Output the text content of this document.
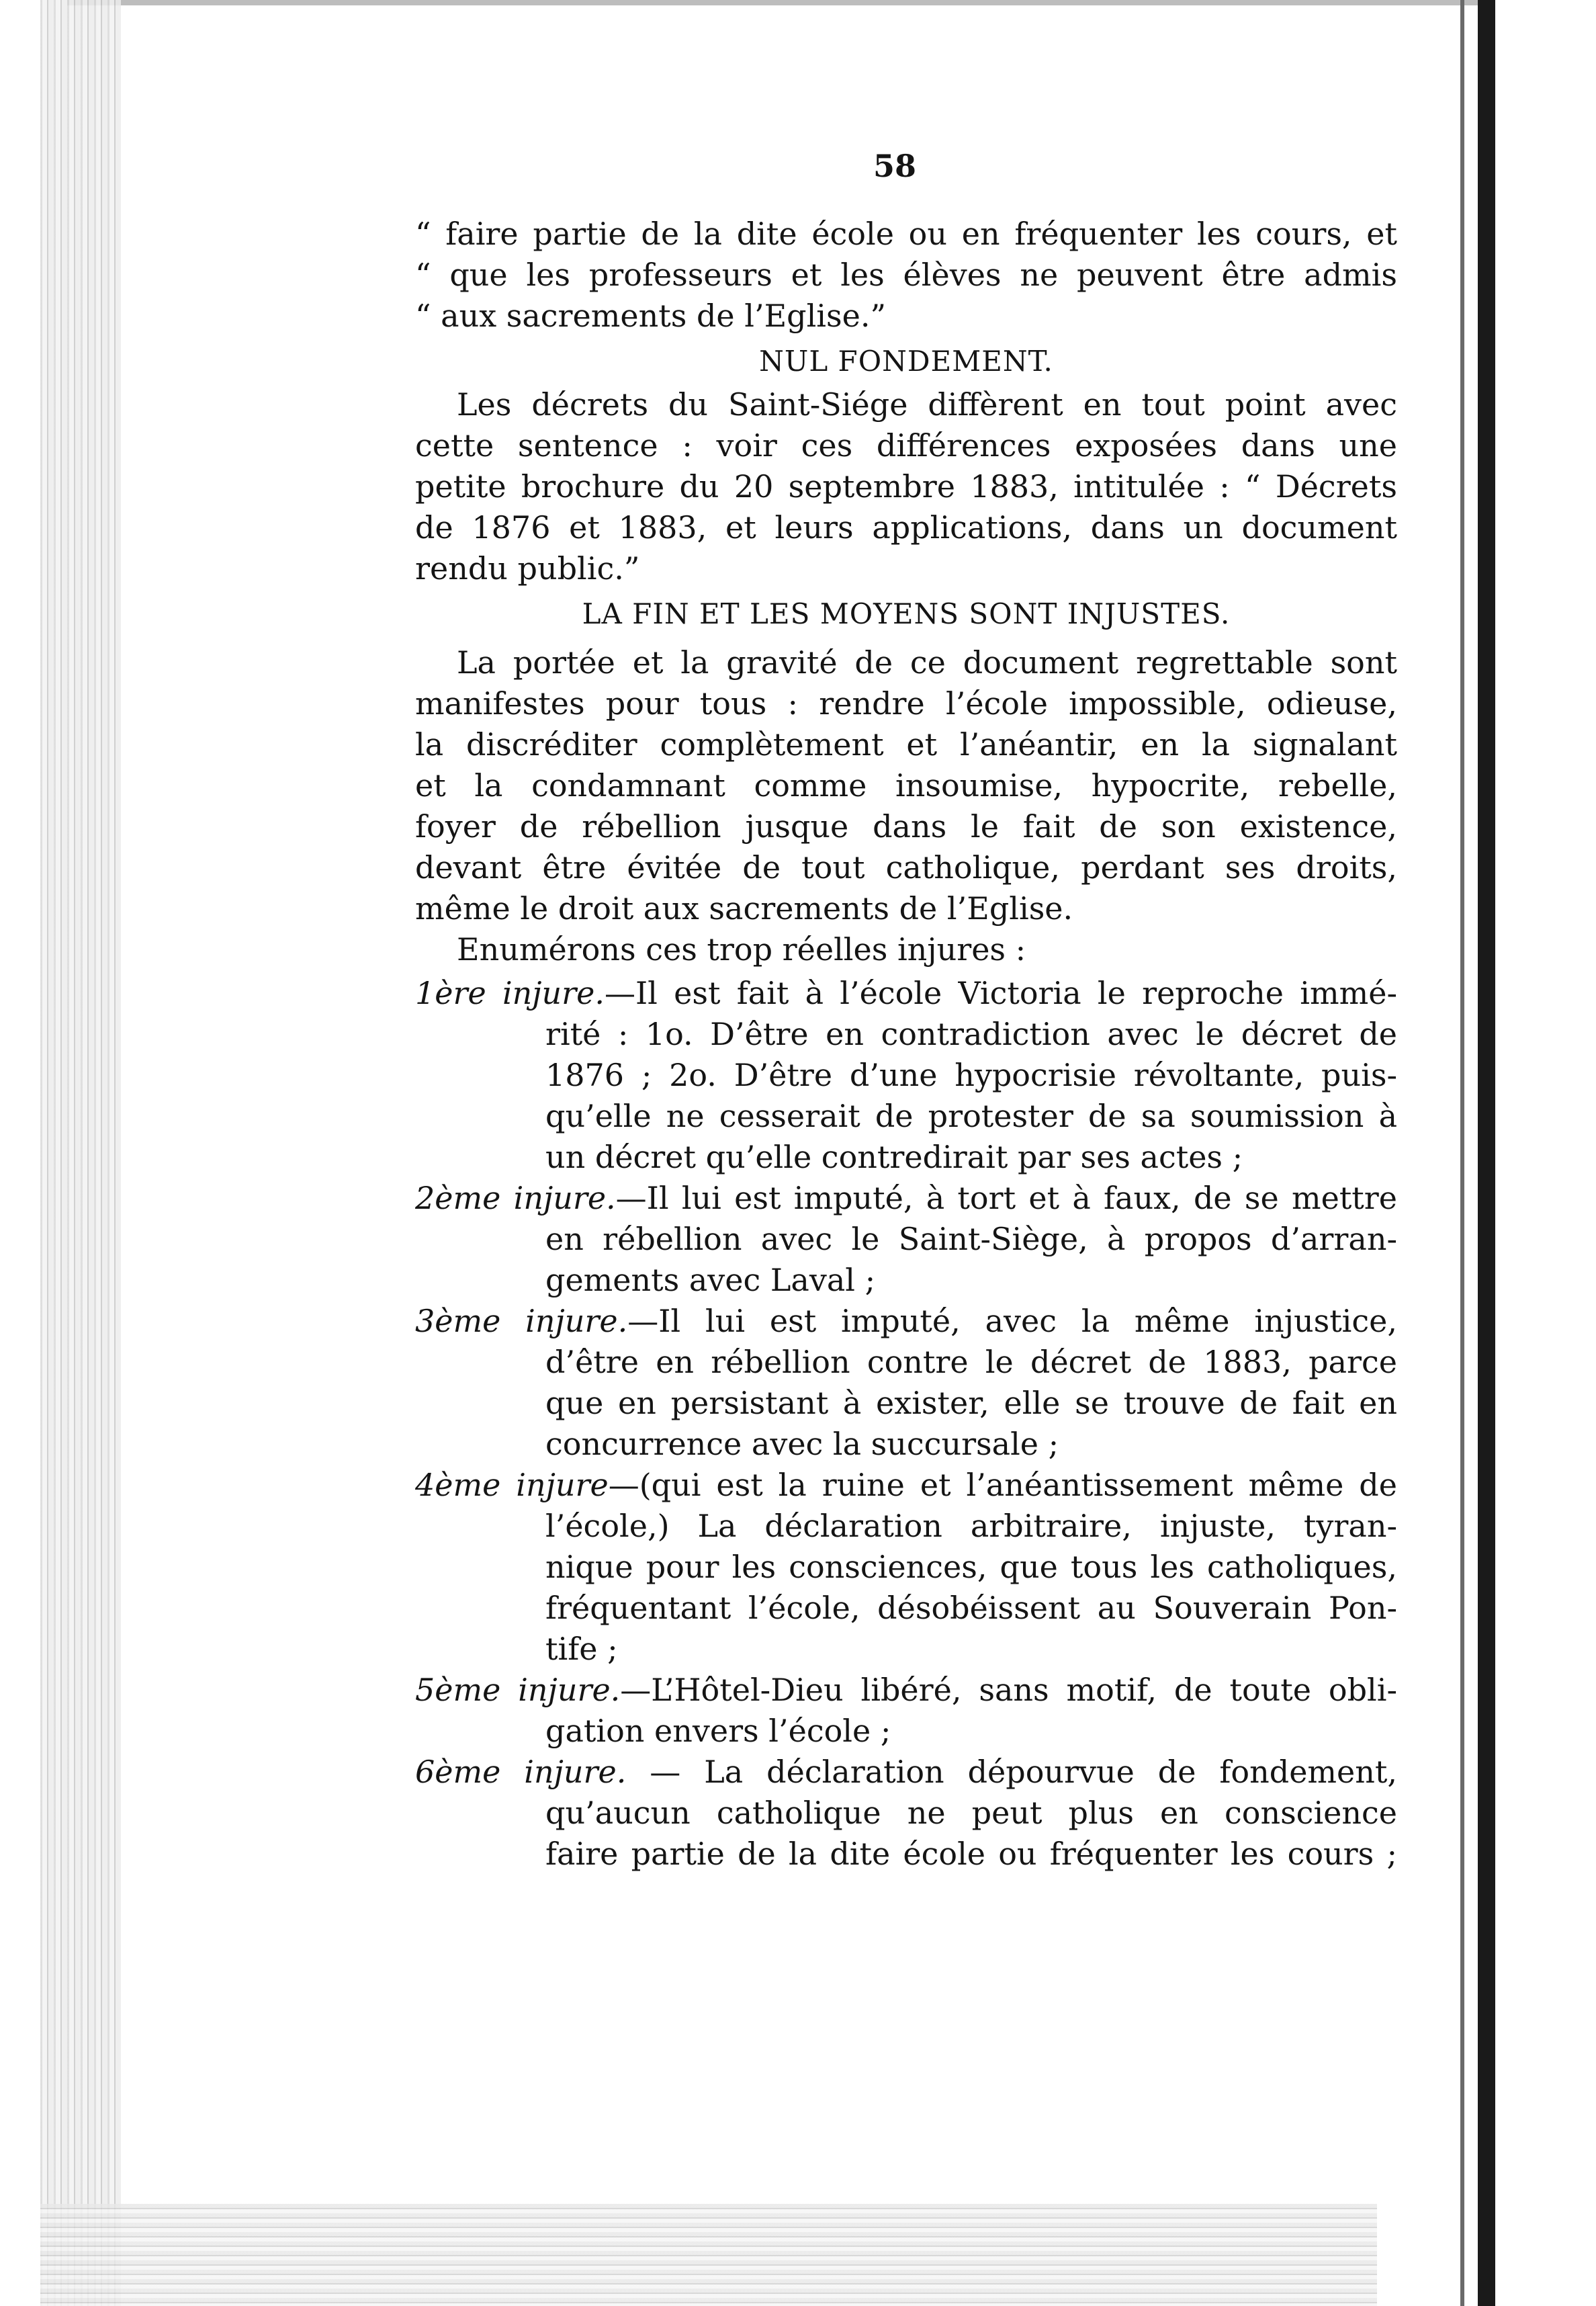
58
“ faire partie de la dite école ou en fréquenter les cours, et
“ que les professeurs et les élèves ne peuvent être admis
“ aux sacrements de l’Eglise.”
NUL FONDEMENT.
Les décrets du Saint-Siége diffèrent en tout point avec
cette sentence : voir ces différences exposées dans une
petite brochure du 20 septembre 1883, intitulée : “ Décrets
de 1876 et 1883, et leurs applications, dans un document
rendu public.”
LA FIN ET LES MOYENS SONT INJUSTES.
La portée et la gravité de ce document regrettable sont
manifestes pour tous : rendre l’école impossible, odieuse,
la discréditer complètement et l’anéantir, en la signalant
et la condamnant comme insoumise, hypocrite, rebelle,
foyer de rébellion jusque dans le fait de son existence,
devant être évitée de tout catholique, perdant ses droits,
même le droit aux sacrements de l’Eglise.
Enumérons ces trop réelles injures :
1ère injure.—Il est fait à l’école Victoria le reproche immé-
rité : 1o. D’être en contradiction avec le décret de
1876 ; 2o. D’être d’une hypocrisie révoltante, puis-
qu’elle ne cesserait de protester de sa soumission à
un décret qu’elle contredirait par ses actes ;
2ème injure.—Il lui est imputé, à tort et à faux, de se mettre
en rébellion avec le Saint-Siège, à propos d’arran-
gements avec Laval ;
3ème injure.—Il lui est imputé, avec la même injustice,
d’être en rébellion contre le décret de 1883, parce
que en persistant à exister, elle se trouve de fait en
concurrence avec la succursale ;
4ème injure—(qui est la ruine et l’anéantissement même de
l’école,) La déclaration arbitraire, injuste, tyran-
nique pour les consciences, que tous les catholiques,
fréquentant l’école, désobéissent au Souverain Pon-
tife ;
5ème injure.—L’Hôtel-Dieu libéré, sans motif, de toute obli-
gation envers l’école ;
6ème injure. — La déclaration dépourvue de fondement,
qu’aucun catholique ne peut plus en conscience
faire partie de la dite école ou fréquenter les cours ;
